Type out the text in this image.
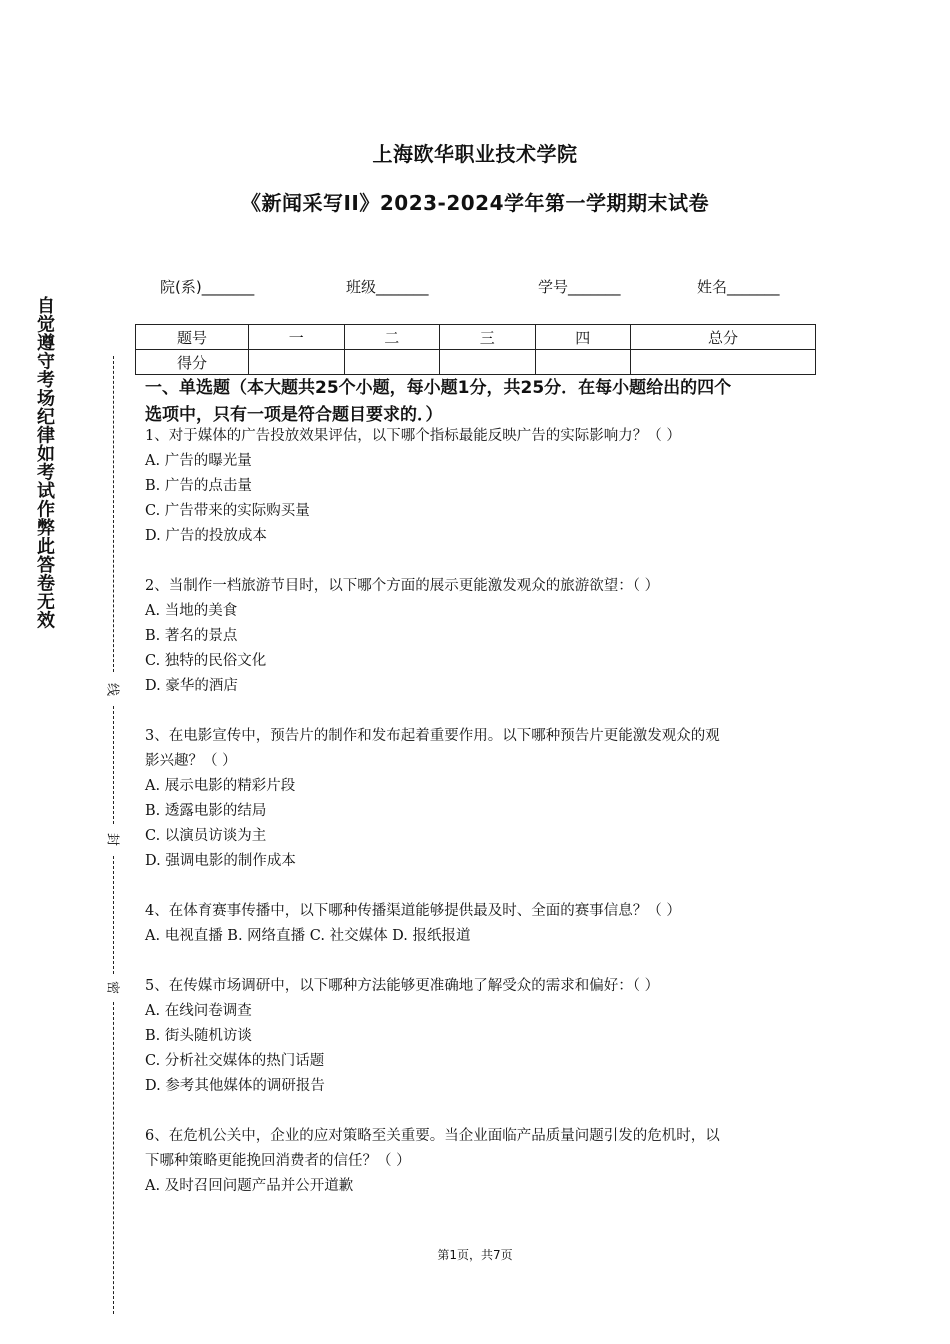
上海欧华职业技术学院
《新闻采写II》2023-2024学年第一学期期末试卷
院(系)_______	班级_______	学号_______	姓名_______
题号	一	二	三	四	总分
得分					
自觉遵守考场纪律如考试作弊此答卷无效
线
封
密
一、单选题（本大题共25个小题，每小题1分，共25分．在每小题给出的四个
选项中，只有一项是符合题目要求的．）
1、对于媒体的广告投放效果评估，以下哪个指标最能反映广告的实际影响力？（ ）
A. 广告的曝光量
B. 广告的点击量
C. 广告带来的实际购买量
D. 广告的投放成本
2、当制作一档旅游节目时，以下哪个方面的展示更能激发观众的旅游欲望：（ ）
A. 当地的美食
B. 著名的景点
C. 独特的民俗文化
D. 豪华的酒店
3、在电影宣传中，预告片的制作和发布起着重要作用。以下哪种预告片更能激发观众的观
影兴趣？（ ）
A. 展示电影的精彩片段
B. 透露电影的结局
C. 以演员访谈为主
D. 强调电影的制作成本
4、在体育赛事传播中，以下哪种传播渠道能够提供最及时、全面的赛事信息？（ ）
A. 电视直播 B. 网络直播 C. 社交媒体 D. 报纸报道
5、在传媒市场调研中，以下哪种方法能够更准确地了解受众的需求和偏好：（ ）
A. 在线问卷调查
B. 街头随机访谈
C. 分析社交媒体的热门话题
D. 参考其他媒体的调研报告
6、在危机公关中，企业的应对策略至关重要。当企业面临产品质量问题引发的危机时，以
下哪种策略更能挽回消费者的信任？（ ）
A. 及时召回问题产品并公开道歉
第1页，共7页
